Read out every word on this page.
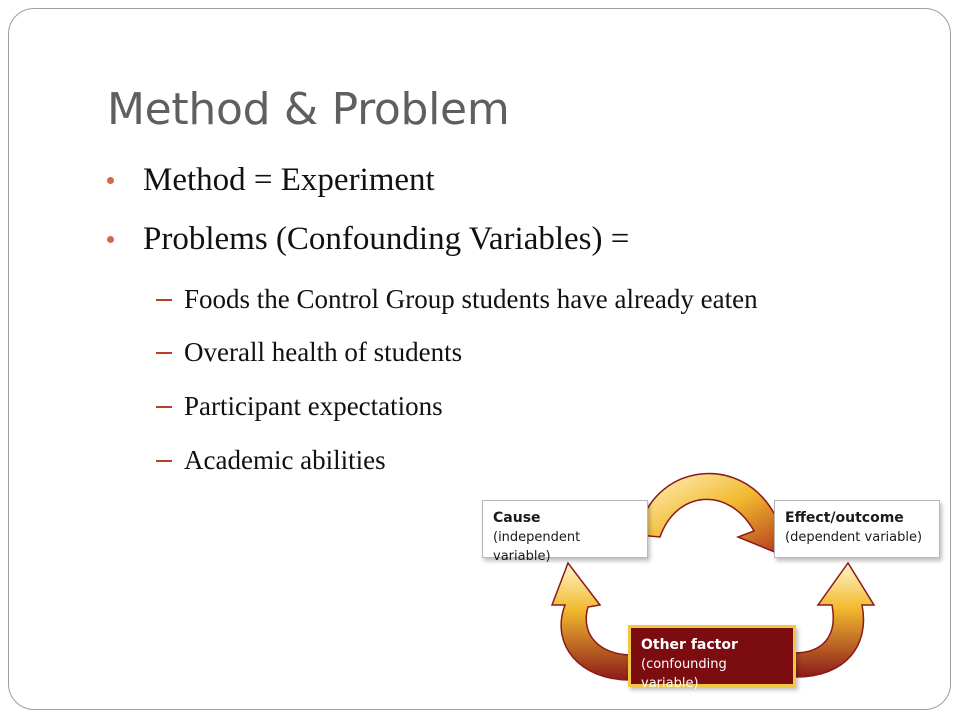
Method & Problem
Method = Experiment
Problems (Confounding Variables) =
Foods the Control Group students have already eaten
Overall health of students
Participant expectations
Academic abilities
Cause
(independent variable)
Effect/outcome
(dependent variable)
Other factor
(confounding variable)
